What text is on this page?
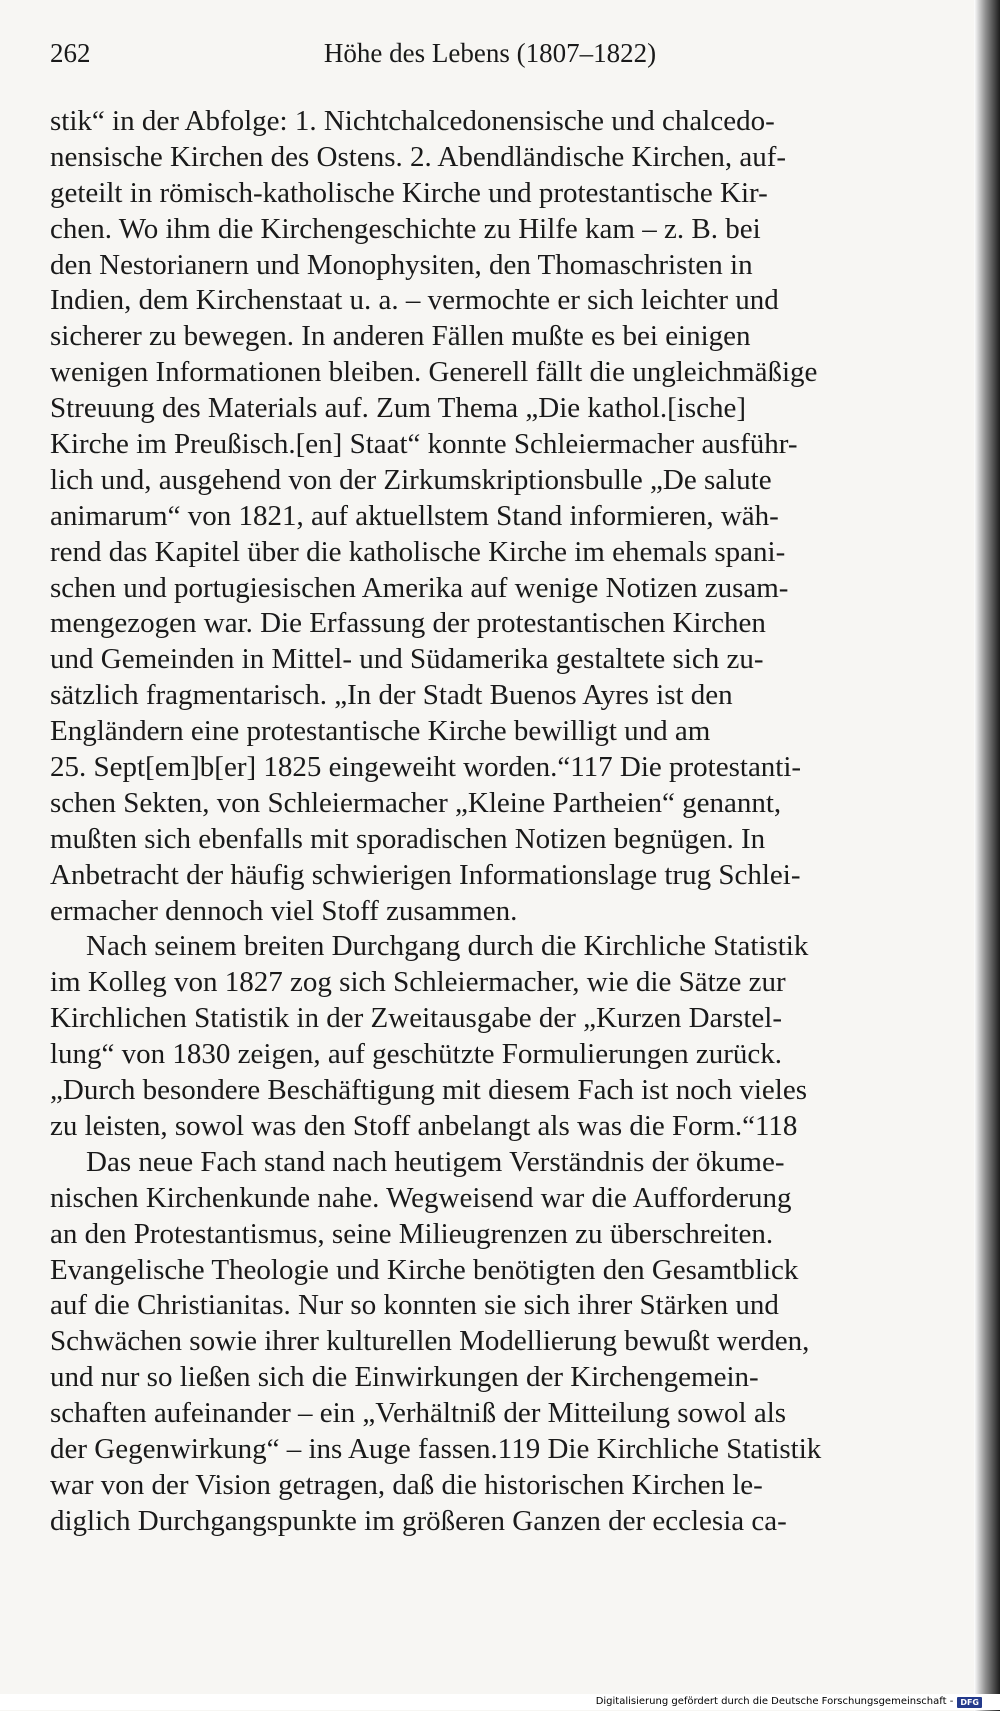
262	Höhe des Lebens (1807–1822)
stik“ in der Abfolge: 1. Nichtchalcedonensische und chalcedo-
nensische Kirchen des Ostens. 2. Abendländische Kirchen, auf-
geteilt in römisch-katholische Kirche und protestantische Kir-
chen. Wo ihm die Kirchengeschichte zu Hilfe kam – z. B. bei
den Nestorianern und Monophysiten, den Thomaschristen in
Indien, dem Kirchenstaat u. a. – vermochte er sich leichter und
sicherer zu bewegen. In anderen Fällen mußte es bei einigen
wenigen Informationen bleiben. Generell fällt die ungleichmäßige
Streuung des Materials auf. Zum Thema „Die kathol.[ische]
Kirche im Preußisch.[en] Staat“ konnte Schleiermacher ausführ-
lich und, ausgehend von der Zirkumskriptionsbulle „De salute
animarum“ von 1821, auf aktuellstem Stand informieren, wäh-
rend das Kapitel über die katholische Kirche im ehemals spani-
schen und portugiesischen Amerika auf wenige Notizen zusam-
mengezogen war. Die Erfassung der protestantischen Kirchen
und Gemeinden in Mittel- und Südamerika gestaltete sich zu-
sätzlich fragmentarisch. „In der Stadt Buenos Ayres ist den
Engländern eine protestantische Kirche bewilligt und am
25. Sept[em]b[er] 1825 eingeweiht worden.“117 Die protestanti-
schen Sekten, von Schleiermacher „Kleine Partheien“ genannt,
mußten sich ebenfalls mit sporadischen Notizen begnügen. In
Anbetracht der häufig schwierigen Informationslage trug Schlei-
ermacher dennoch viel Stoff zusammen.
Nach seinem breiten Durchgang durch die Kirchliche Statistik
im Kolleg von 1827 zog sich Schleiermacher, wie die Sätze zur
Kirchlichen Statistik in der Zweitausgabe der „Kurzen Darstel-
lung“ von 1830 zeigen, auf geschützte Formulierungen zurück.
„Durch besondere Beschäftigung mit diesem Fach ist noch vieles
zu leisten, sowol was den Stoff anbelangt als was die Form.“118
Das neue Fach stand nach heutigem Verständnis der ökume-
nischen Kirchenkunde nahe. Wegweisend war die Aufforderung
an den Protestantismus, seine Milieugrenzen zu überschreiten.
Evangelische Theologie und Kirche benötigten den Gesamtblick
auf die Christianitas. Nur so konnten sie sich ihrer Stärken und
Schwächen sowie ihrer kulturellen Modellierung bewußt werden,
und nur so ließen sich die Einwirkungen der Kirchengemein-
schaften aufeinander – ein „Verhältniß der Mitteilung sowol als
der Gegenwirkung“ – ins Auge fassen.119 Die Kirchliche Statistik
war von der Vision getragen, daß die historischen Kirchen le-
diglich Durchgangspunkte im größeren Ganzen der ecclesia ca-
Digitalisierung gefördert durch die Deutsche Forschungsgemeinschaft - DFG
